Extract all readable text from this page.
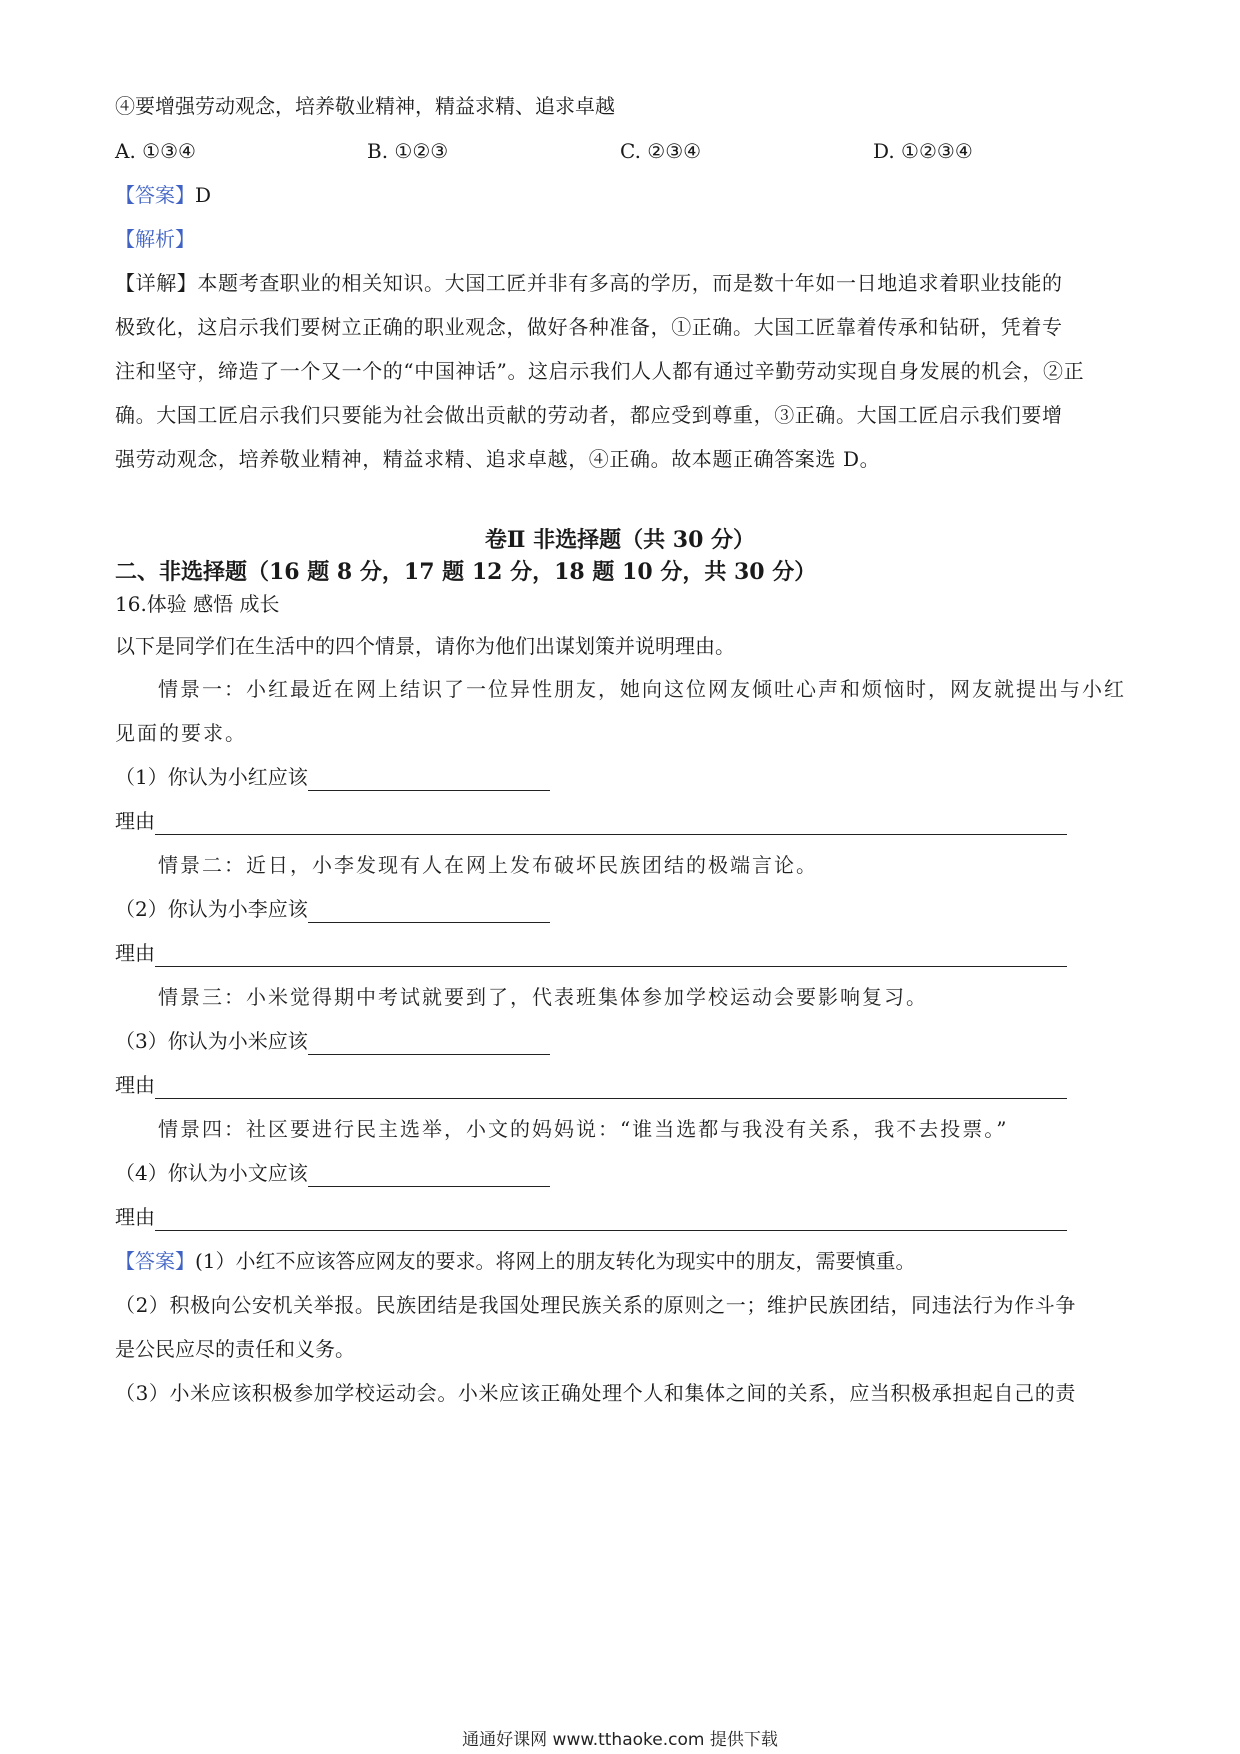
④要增强劳动观念，培养敬业精神，精益求精、追求卓越
A. ①③④	B. ①②③	C. ②③④	D. ①②③④
【答案】D
【解析】
【详解】本题考查职业的相关知识。大国工匠并非有多高的学历，而是数十年如一日地追求着职业技能的
极致化，这启示我们要树立正确的职业观念，做好各种准备，①正确。大国工匠靠着传承和钻研，凭着专
注和坚守，缔造了一个又一个的“中国神话”。这启示我们人人都有通过辛勤劳动实现自身发展的机会，②正
确。大国工匠启示我们只要能为社会做出贡献的劳动者，都应受到尊重，③正确。大国工匠启示我们要增
强劳动观念，培养敬业精神，精益求精、追求卓越，④正确。故本题正确答案选 D。
卷Ⅱ 非选择题（共 30 分）
二、非选择题（16 题 8 分，17 题 12 分，18 题 10 分，共 30 分）
16.体验 感悟 成长
以下是同学们在生活中的四个情景，请你为他们出谋划策并说明理由。
情景一：小红最近在网上结识了一位异性朋友，她向这位网友倾吐心声和烦恼时，网友就提出与小红
见面的要求。
（1）你认为小红应该
理由
情景二：近日，小李发现有人在网上发布破坏民族团结的极端言论。
（2）你认为小李应该
理由
情景三：小米觉得期中考试就要到了，代表班集体参加学校运动会要影响复习。
（3）你认为小米应该
理由
情景四：社区要进行民主选举，小文的妈妈说：“谁当选都与我没有关系，我不去投票。”
（4）你认为小文应该
理由
【答案】(1）小红不应该答应网友的要求。将网上的朋友转化为现实中的朋友，需要慎重。
（2）积极向公安机关举报。民族团结是我国处理民族关系的原则之一；维护民族团结，同违法行为作斗争
是公民应尽的责任和义务。
（3）小米应该积极参加学校运动会。小米应该正确处理个人和集体之间的关系，应当积极承担起自己的责
通通好课网 www.tthaoke.com 提供下载
